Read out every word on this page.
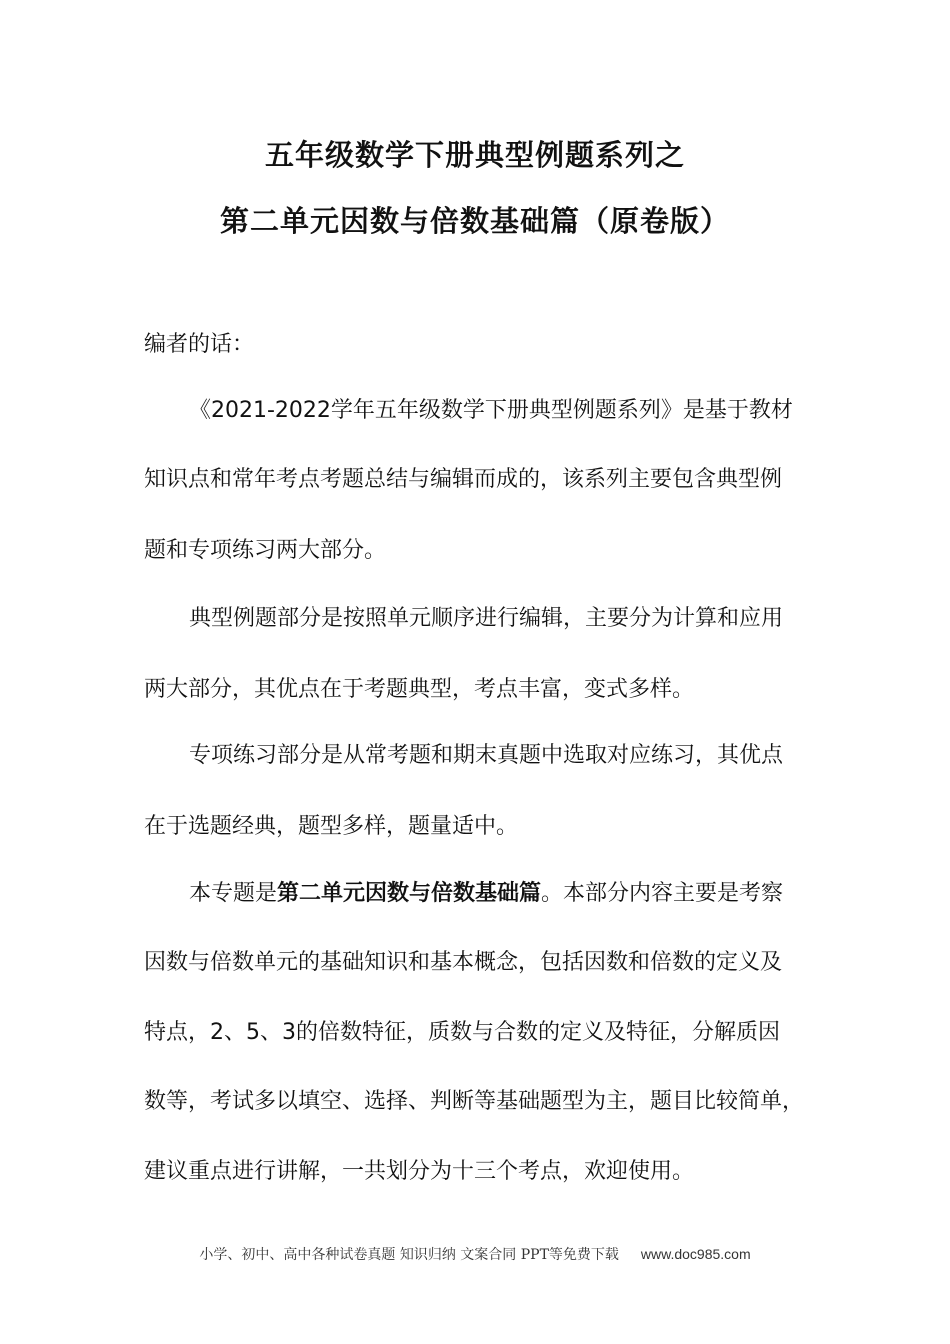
五年级数学下册典型例题系列之
第二单元因数与倍数基础篇（原卷版）

编者的话：

《2021-2022学年五年级数学下册典型例题系列》是基于教材

知识点和常年考点考题总结与编辑而成的，该系列主要包含典型例

题和专项练习两大部分。

典型例题部分是按照单元顺序进行编辑，主要分为计算和应用

两大部分，其优点在于考题典型，考点丰富，变式多样。

专项练习部分是从常考题和期末真题中选取对应练习，其优点

在于选题经典，题型多样，题量适中。

本专题是第二单元因数与倍数基础篇。本部分内容主要是考察

因数与倍数单元的基础知识和基本概念，包括因数和倍数的定义及

特点，2、5、3的倍数特征，质数与合数的定义及特征，分解质因

数等，考试多以填空、选择、判断等基础题型为主，题目比较简单，

建议重点进行讲解，一共划分为十三个考点，欢迎使用。

小学、初中、高中各种试卷真题 知识归纳 文案合同 PPT等免费下载 www.doc985.com
